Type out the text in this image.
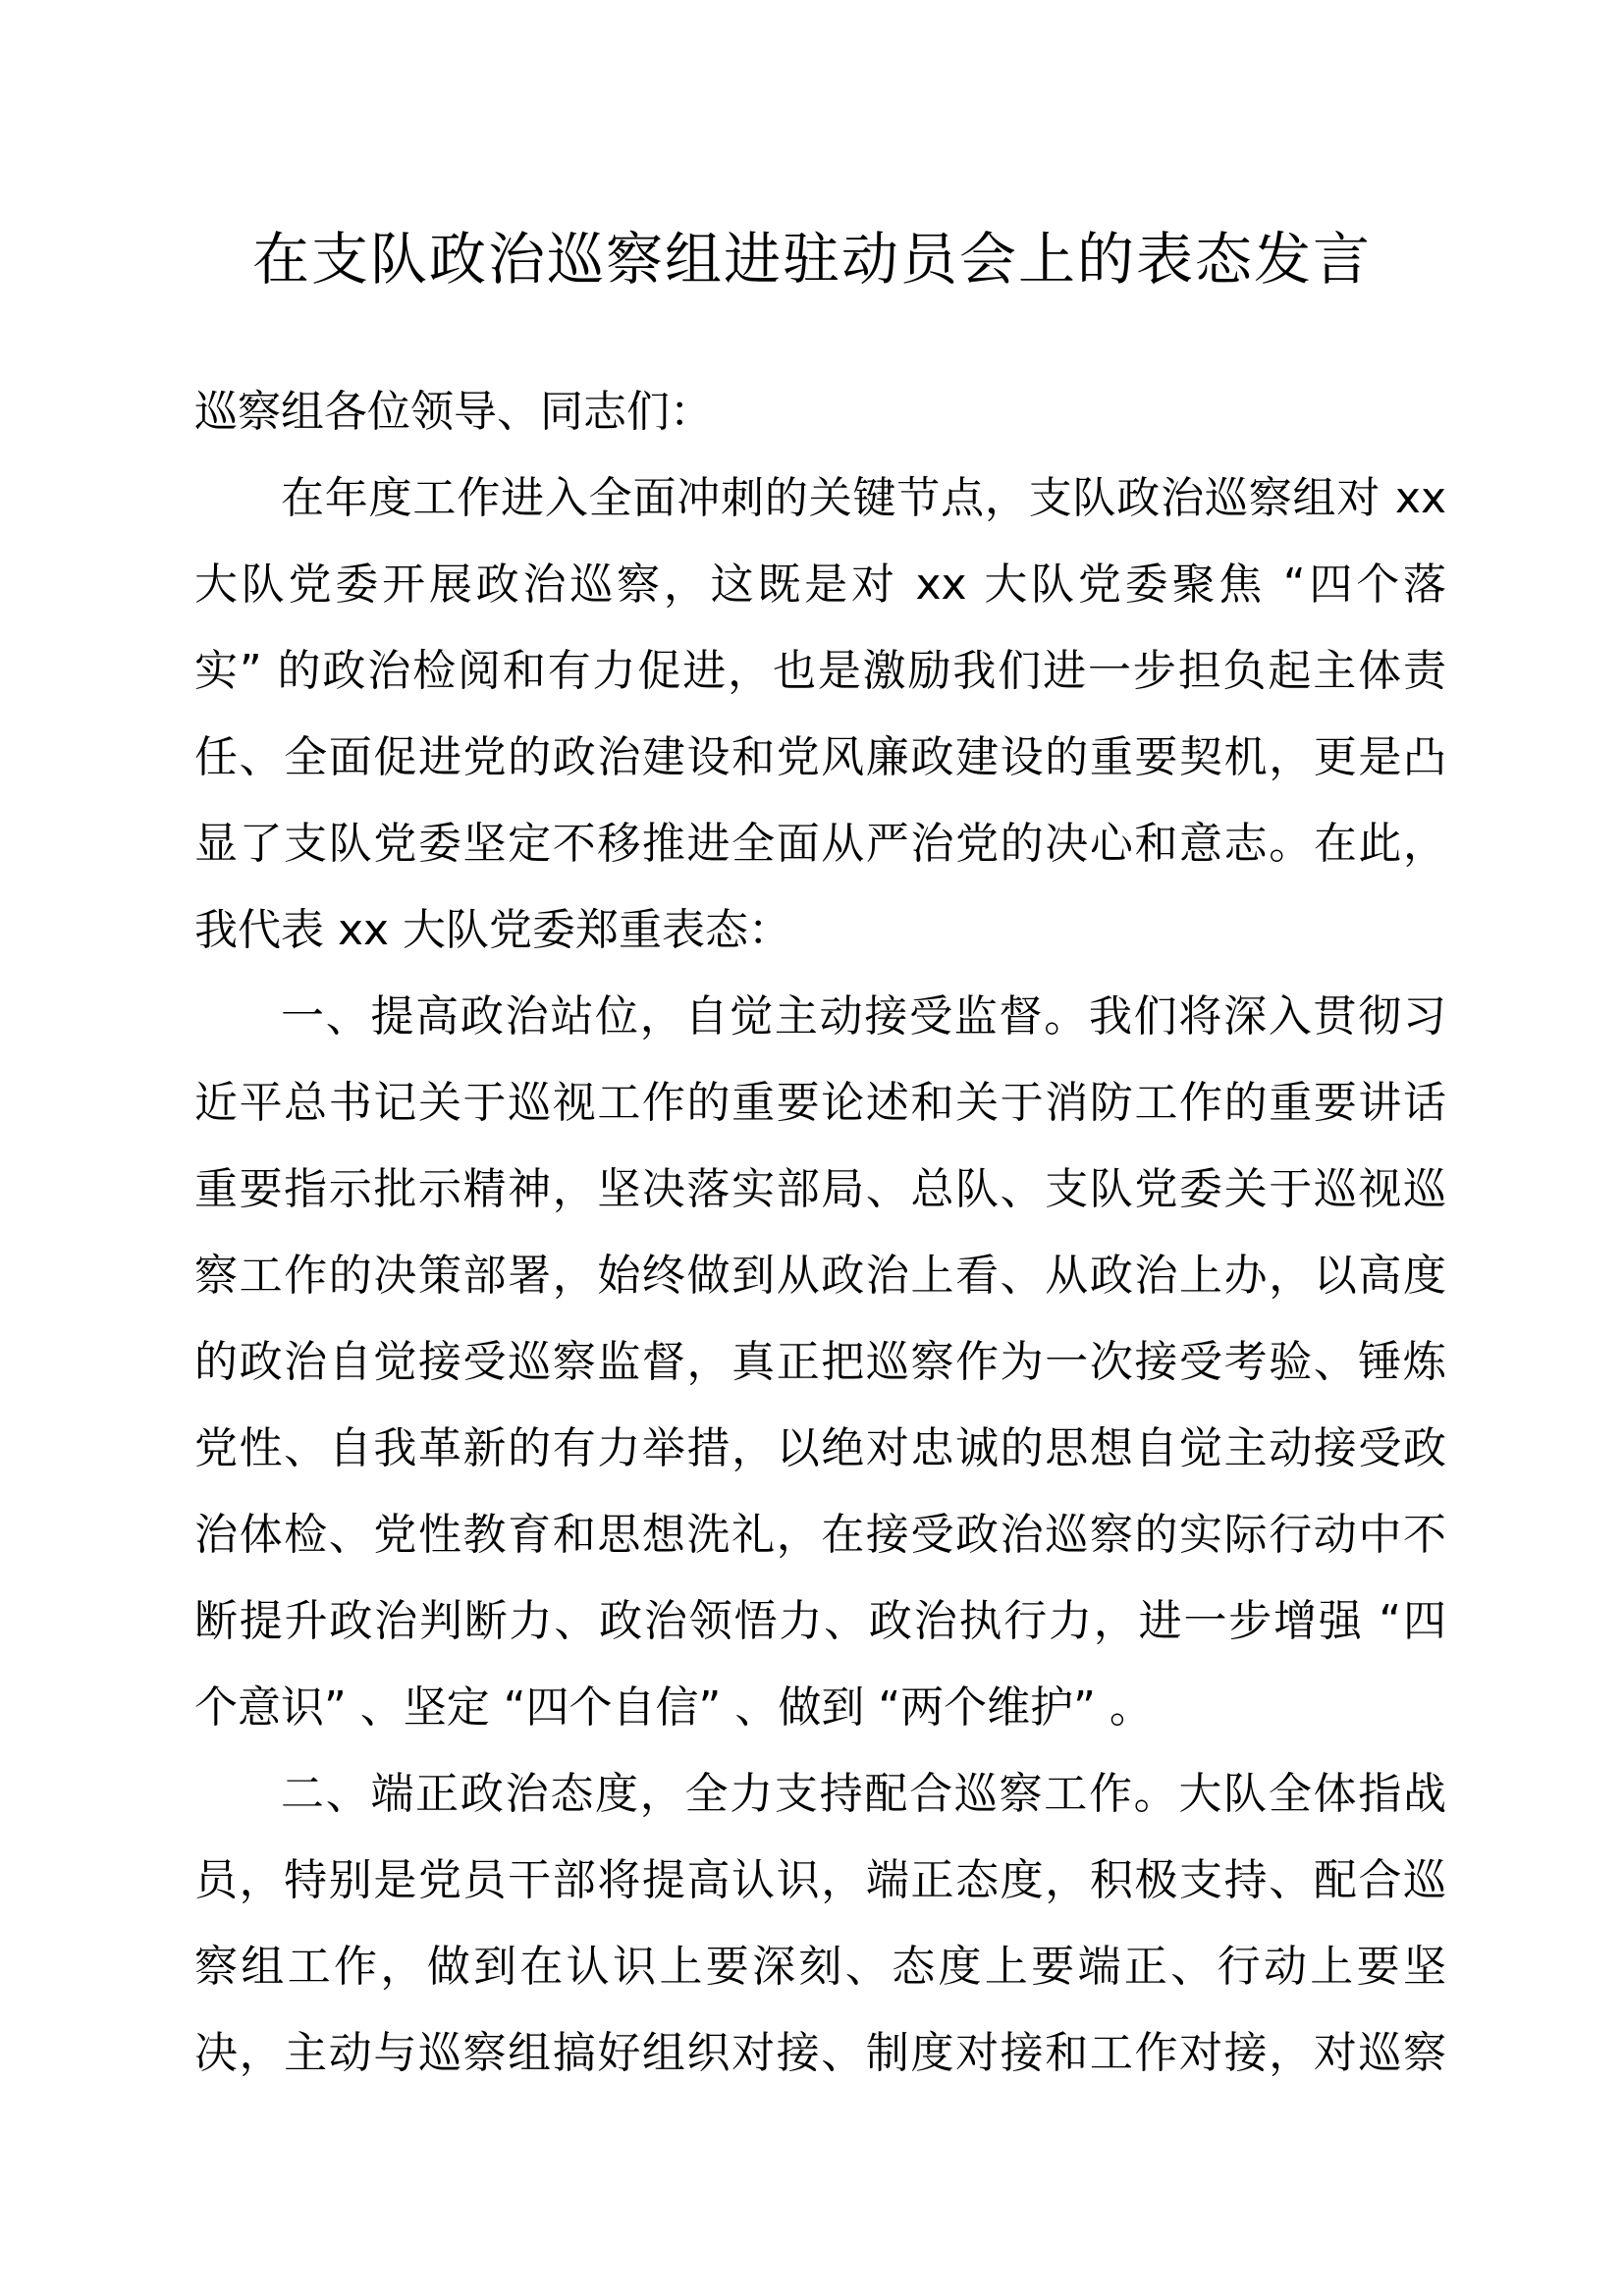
在支队政治巡察组进驻动员会上的表态发言
巡察组各位领导、同志们：
在年度工作进入全面冲刺的关键节点，支队政治巡察组对 xx
大队党委开展政治巡察，这既是对 xx 大队党委聚焦 “四个落
实” 的政治检阅和有力促进，也是激励我们进一步担负起主体责
任、全面促进党的政治建设和党风廉政建设的重要契机，更是凸
显了支队党委坚定不移推进全面从严治党的决心和意志。在此，
我代表 xx 大队党委郑重表态：
一、提高政治站位，自觉主动接受监督。我们将深入贯彻习
近平总书记关于巡视工作的重要论述和关于消防工作的重要讲话
重要指示批示精神，坚决落实部局、总队、支队党委关于巡视巡
察工作的决策部署，始终做到从政治上看、从政治上办，以高度
的政治自觉接受巡察监督，真正把巡察作为一次接受考验、锤炼
党性、自我革新的有力举措，以绝对忠诚的思想自觉主动接受政
治体检、党性教育和思想洗礼，在接受政治巡察的实际行动中不
断提升政治判断力、政治领悟力、政治执行力，进一步增强 “四
个意识” 、坚定 “四个自信” 、做到 “两个维护” 。
二、端正政治态度，全力支持配合巡察工作。大队全体指战
员，特别是党员干部将提高认识，端正态度，积极支持、配合巡
察组工作，做到在认识上要深刻、态度上要端正、行动上要坚
决，主动与巡察组搞好组织对接、制度对接和工作对接，对巡察
